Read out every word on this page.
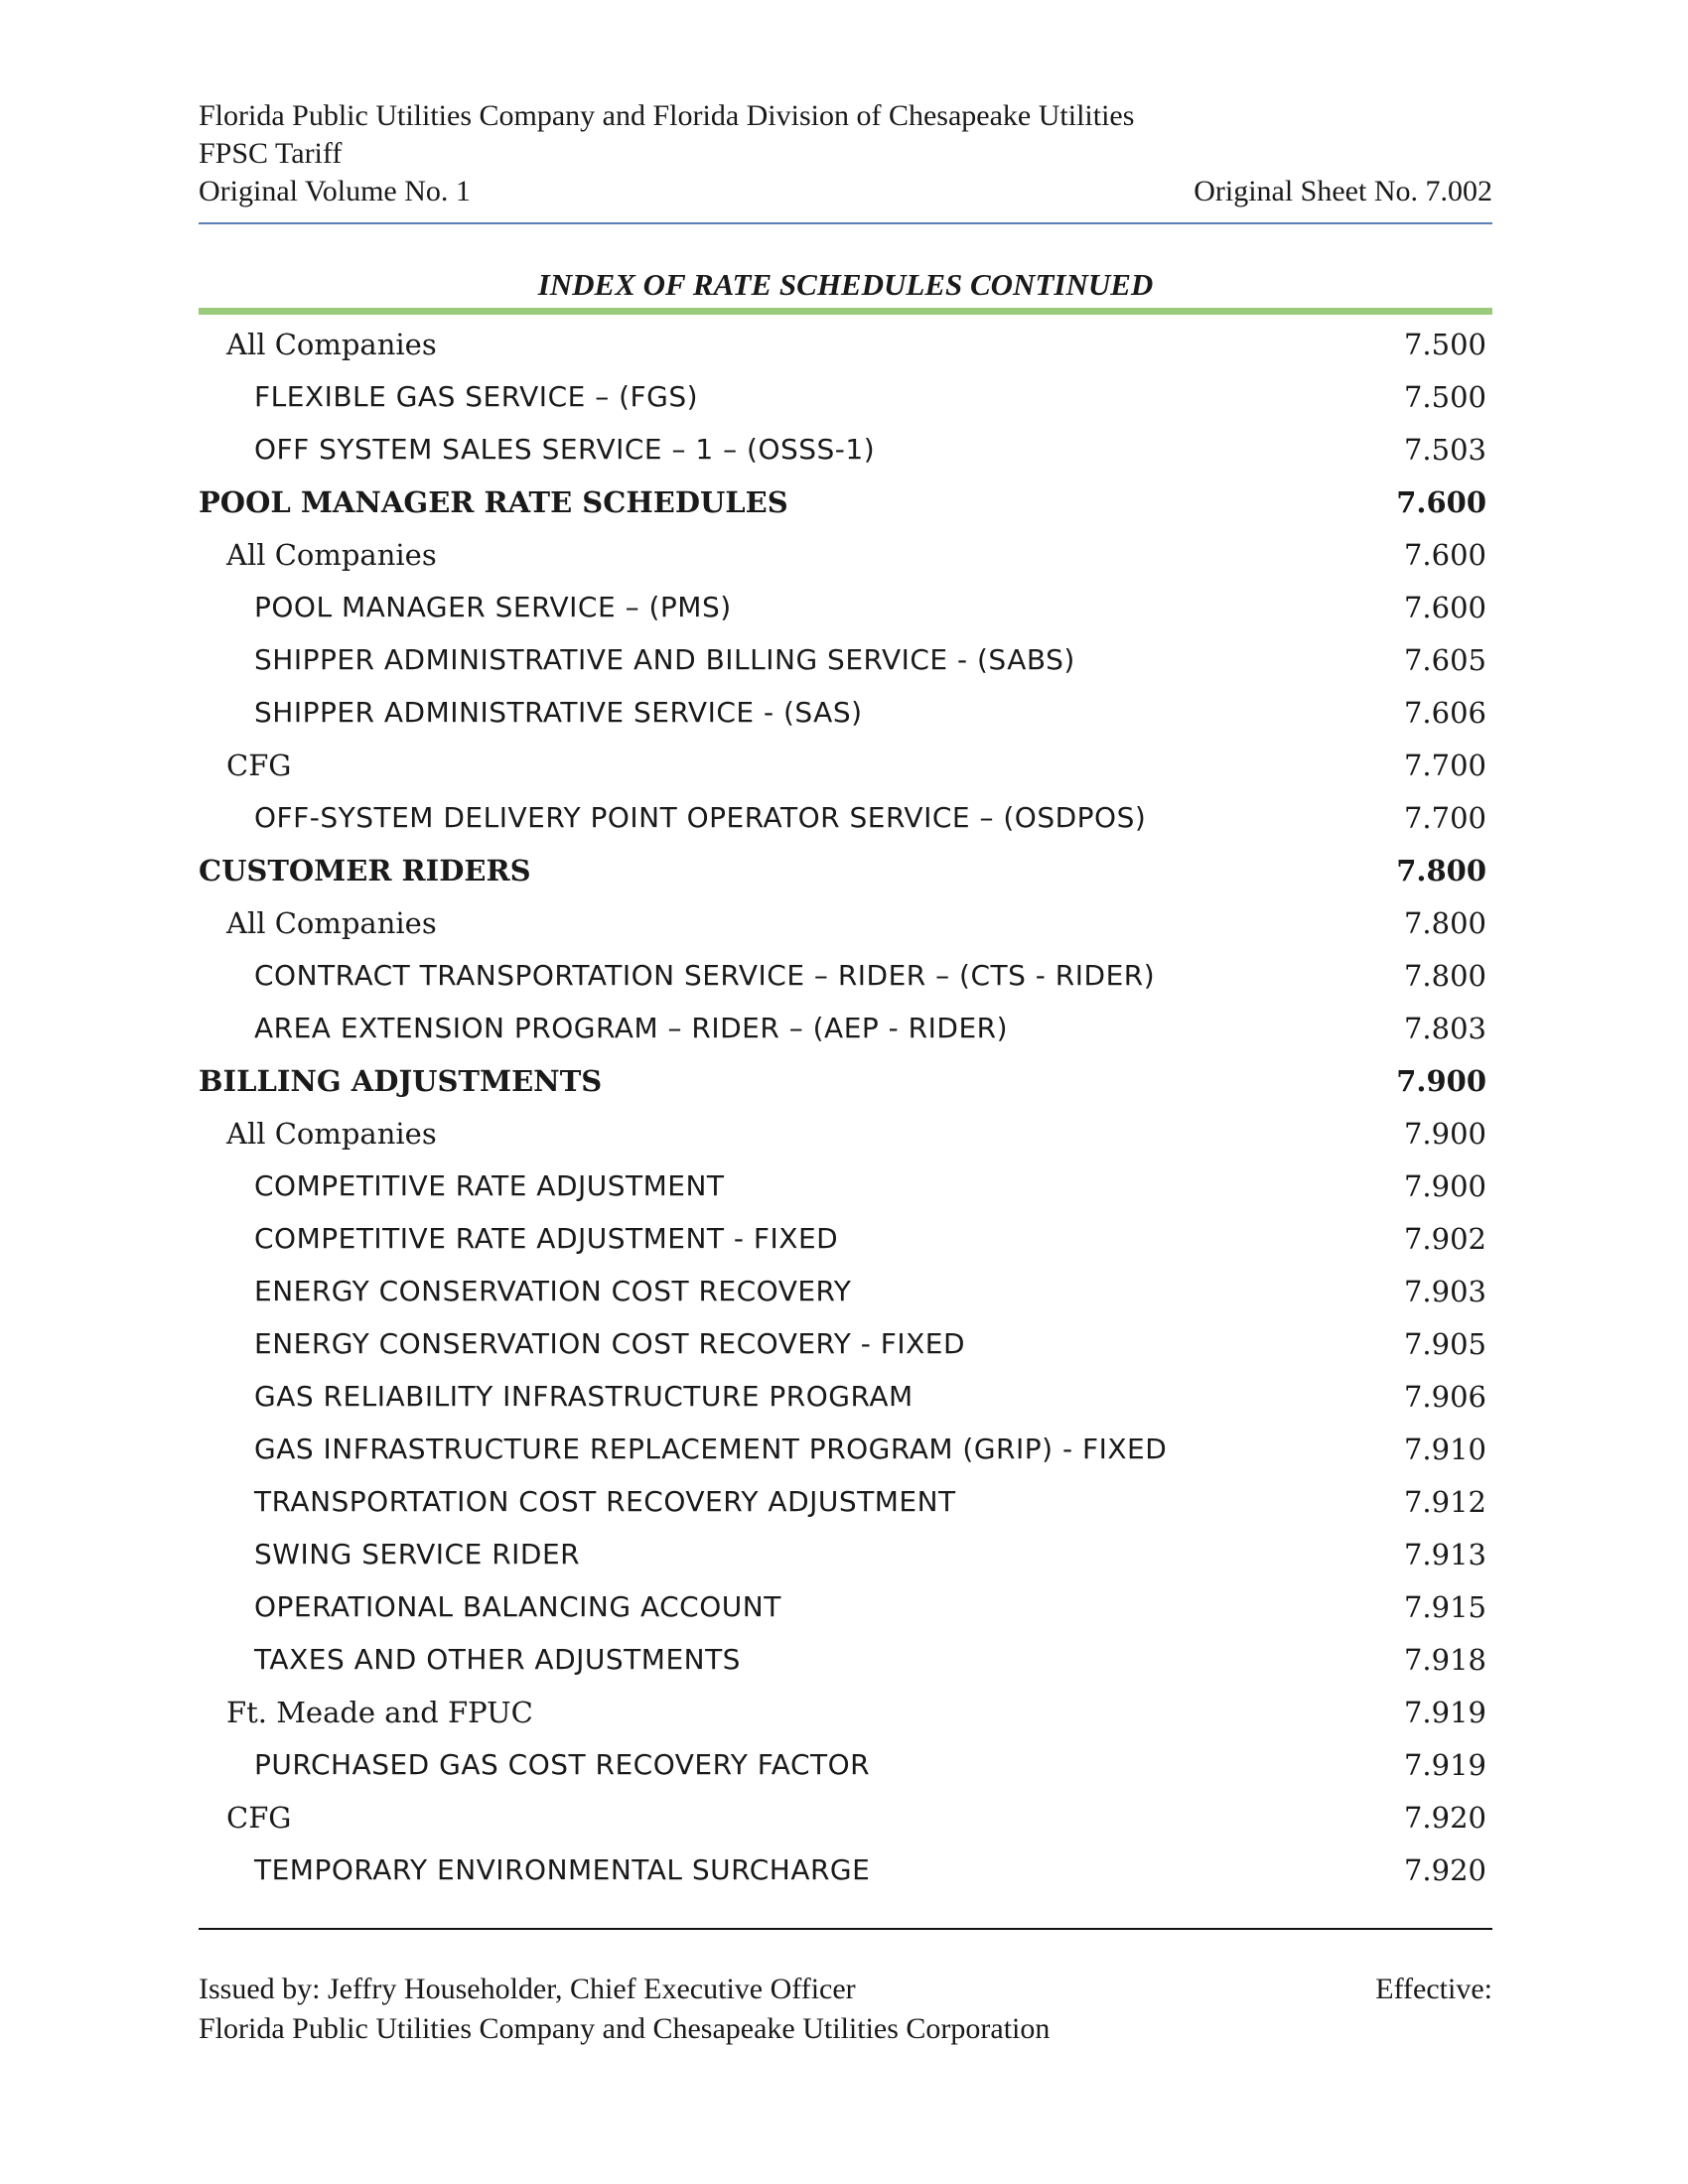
Florida Public Utilities Company and Florida Division of Chesapeake Utilities
FPSC Tariff
Original Volume No. 1	Original Sheet No. 7.002
INDEX OF RATE SCHEDULES CONTINUED
All Companies	7.500
FLEXIBLE GAS SERVICE – (FGS)	7.500
OFF SYSTEM SALES SERVICE – 1 – (OSSS-1)	7.503
POOL MANAGER RATE SCHEDULES	7.600
All Companies	7.600
POOL MANAGER SERVICE – (PMS)	7.600
SHIPPER ADMINISTRATIVE AND BILLING SERVICE - (SABS)	7.605
SHIPPER ADMINISTRATIVE SERVICE - (SAS)	7.606
CFG	7.700
OFF-SYSTEM DELIVERY POINT OPERATOR SERVICE – (OSDPOS)	7.700
CUSTOMER RIDERS	7.800
All Companies	7.800
CONTRACT TRANSPORTATION SERVICE – RIDER – (CTS - RIDER)	7.800
AREA EXTENSION PROGRAM – RIDER – (AEP - RIDER)	7.803
BILLING ADJUSTMENTS	7.900
All Companies	7.900
COMPETITIVE RATE ADJUSTMENT	7.900
COMPETITIVE RATE ADJUSTMENT - FIXED	7.902
ENERGY CONSERVATION COST RECOVERY	7.903
ENERGY CONSERVATION COST RECOVERY - FIXED	7.905
GAS RELIABILITY INFRASTRUCTURE PROGRAM	7.906
GAS INFRASTRUCTURE REPLACEMENT PROGRAM (GRIP) - FIXED	7.910
TRANSPORTATION COST RECOVERY ADJUSTMENT	7.912
SWING SERVICE RIDER	7.913
OPERATIONAL BALANCING ACCOUNT	7.915
TAXES AND OTHER ADJUSTMENTS	7.918
Ft. Meade and FPUC	7.919
PURCHASED GAS COST RECOVERY FACTOR	7.919
CFG	7.920
TEMPORARY ENVIRONMENTAL SURCHARGE	7.920
Issued by: Jeffry Householder, Chief Executive Officer	Effective:
Florida Public Utilities Company and Chesapeake Utilities Corporation
